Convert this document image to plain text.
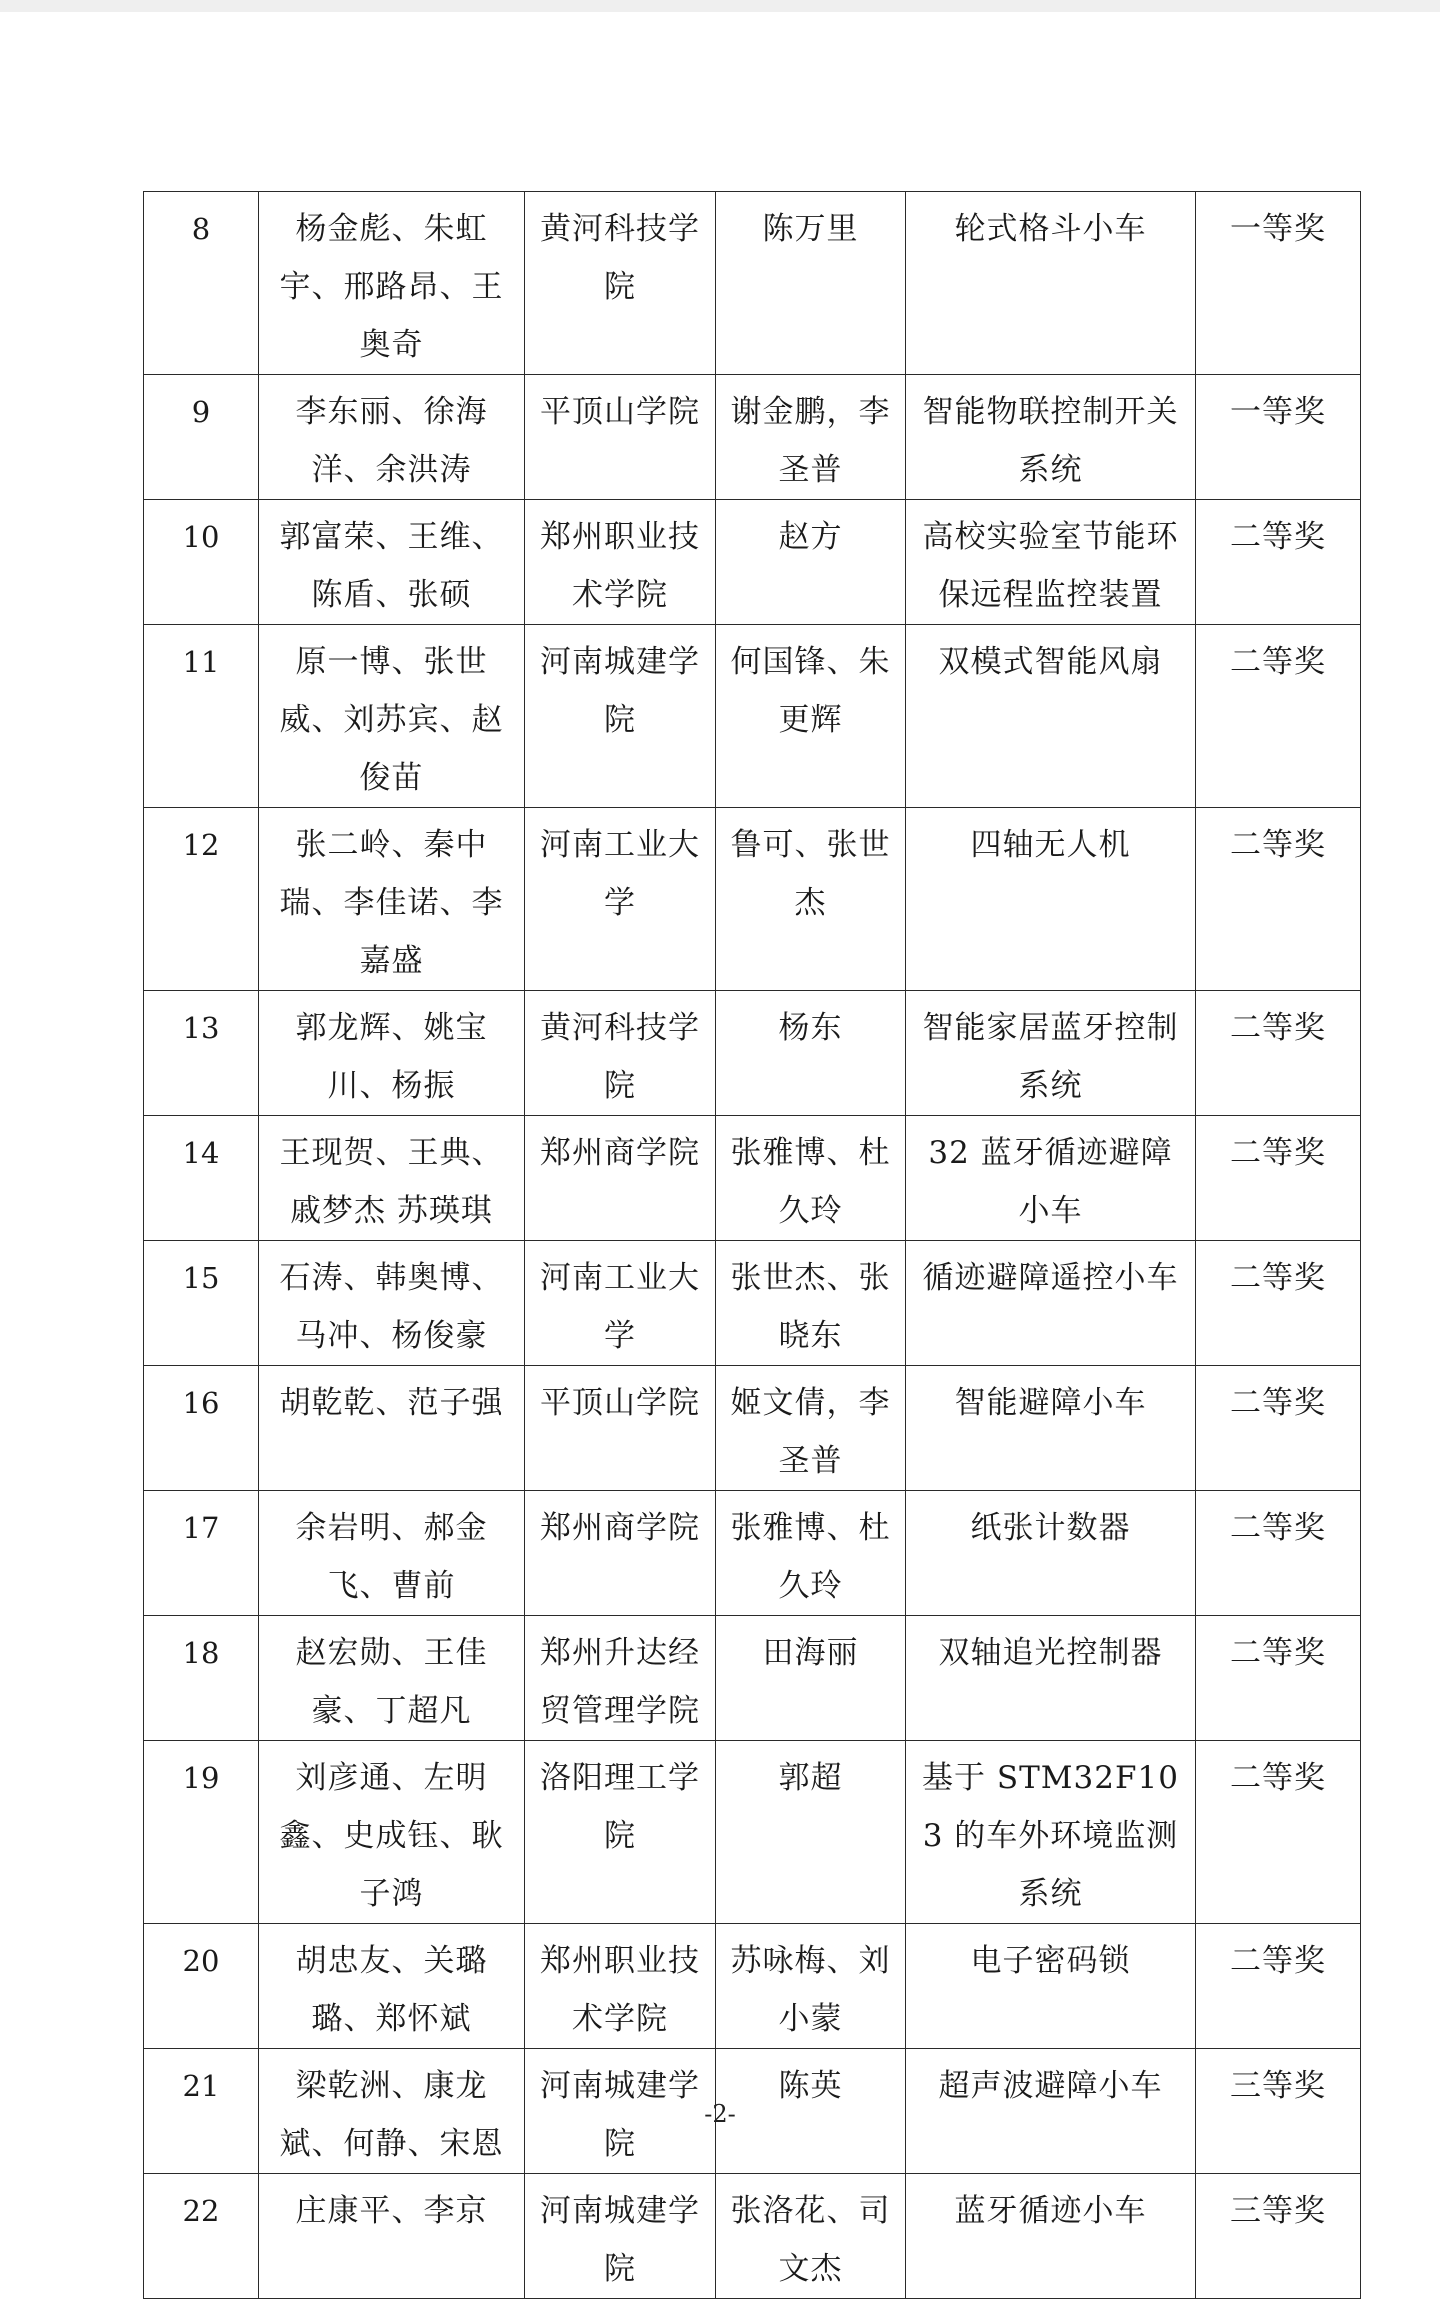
8	杨金彪、朱虹宇、邢路昂、王奥奇	黄河科技学院	陈万里	轮式格斗小车	一等奖

9	李东丽、徐海洋、余洪涛	平顶山学院	谢金鹏，李圣普	智能物联控制开关系统	一等奖

10	郭富荣、王维、陈盾、张硕	郑州职业技术学院	赵方	高校实验室节能环保远程监控装置	二等奖

11	原一博、张世威、刘苏宾、赵俊苗	河南城建学院	何国锋、朱更辉	双模式智能风扇	二等奖

12	张二岭、秦中瑞、李佳诺、李嘉盛	河南工业大学	鲁可、张世杰	四轴无人机	二等奖

13	郭龙辉、姚宝川、杨振	黄河科技学院	杨东	智能家居蓝牙控制系统	二等奖

14	王现贺、王典、戚梦杰 苏瑛琪	郑州商学院	张雅博、杜久玲	32 蓝牙循迹避障小车	二等奖

15	石涛、韩奥博、马冲、杨俊豪	河南工业大学	张世杰、张晓东	循迹避障遥控小车	二等奖

16	胡乾乾、范子强	平顶山学院	姬文倩，李圣普	智能避障小车	二等奖

17	余岩明、郝金飞、曹前	郑州商学院	张雅博、杜久玲	纸张计数器	二等奖

18	赵宏勋、王佳豪、丁超凡	郑州升达经贸管理学院	田海丽	双轴追光控制器	二等奖

19	刘彦通、左明鑫、史成钰、耿子鸿	洛阳理工学院	郭超	基于 STM32F103 的车外环境监测系统	二等奖

20	胡忠友、关璐璐、郑怀斌	郑州职业技术学院	苏咏梅、刘小蒙	电子密码锁	二等奖

21	梁乾洲、康龙斌、何静、宋恩	河南城建学院	陈英	超声波避障小车	三等奖

22	庄康平、李京	河南城建学院	张洛花、司文杰	蓝牙循迹小车	三等奖
-2-
